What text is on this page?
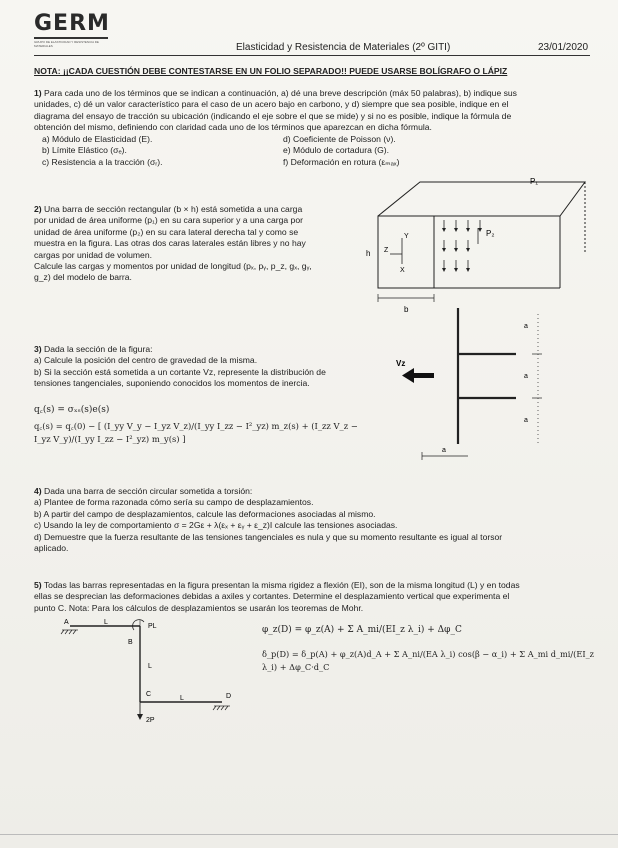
GERM
GRUPO DE ELASTICIDAD Y RESISTENCIA DE MATERIALES	Elasticidad y Resistencia de Materiales (2º GITI)	23/01/2020
NOTA: ¡¡CADA CUESTIÓN DEBE CONTESTARSE EN UN FOLIO SEPARADO!! PUEDE USARSE BOLÍGRAFO O LÁPIZ
1) Para cada uno de los términos que se indican a continuación, a) dé una breve descripción (máx 50 palabras), b) indique sus
unidades, c) dé un valor característico para el caso de un acero bajo en carbono, y d) siempre que sea posible, indique en el
diagrama del ensayo de tracción su ubicación (indicando el eje sobre el que se mide) y si no es posible, indique la fórmula de
obtención del mismo, definiendo con claridad cada uno de los términos que aparezcan en dicha fórmula.
a) Módulo de Elasticidad (E).
b) Límite Elástico (σₑ).
c) Resistencia a la tracción (σᵣ).
d) Coeficiente de Poisson (ν).
e) Módulo de cortadura (G).
f) Deformación en rotura (εₘₐₓ)
2) Una barra de sección rectangular (b × h) está sometida a una carga
por unidad de área uniforme (p₁) en su cara superior y a una carga por
unidad de área uniforme (p₂) en su cara lateral derecha tal y como se
muestra en la figura. Las otras dos caras laterales están libres y no hay
cargas por unidad de volumen.
Calcule las cargas y momentos por unidad de longitud (pₓ, pᵧ, p_z, gₓ, gᵧ,
g_z) del modelo de barra.
P₁
P₂
h
b
Y
Z
X
3) Dada la sección de la figura:
a) Calcule la posición del centro de gravedad de la misma.
b) Si la sección está sometida a un cortante Vz, represente la distribución de
tensiones tangenciales, suponiendo conocidos los momentos de inercia.
q꜀(s) = σₓₛ(s)e(s)
q꜀(s) = q꜀(0) − [ (I_yy V_y − I_yz V_z)/(I_yy I_zz − I²_yz) m_z(s) + (I_zz V_z − I_yz V_y)/(I_yy I_zz − I²_yz) m_y(s) ]
Vz
a
a
a
a
4) Dada una barra de sección circular sometida a torsión:
a) Plantee de forma razonada cómo sería su campo de desplazamientos.
b) A partir del campo de desplazamientos, calcule las deformaciones asociadas al mismo.
c) Usando la ley de comportamiento σ = 2Gε + λ(εₓ + εᵧ + ε_z)I calcule las tensiones asociadas.
d) Demuestre que la fuerza resultante de las tensiones tangenciales es nula y que su momento resultante es igual al torsor
aplicado.
5) Todas las barras representadas en la figura presentan la misma rigidez a flexión (EI), son de la misma longitud (L) y en todas
ellas se desprecian las deformaciones debidas a axiles y cortantes. Determine el desplazamiento vertical que experimenta el
punto C. Nota: Para los cálculos de desplazamientos se usarán los teoremas de Mohr.
A	L
PL
B
L
C
L	D
2P
φ_z(D) = φ_z(A) + Σ A_mi/(EI_z λ_i) + Δφ_C
δ_p(D) = δ_p(A) + φ_z(A)d_A + Σ A_ni/(EA λ_i) cos(β − α_i) + Σ A_mi d_mi/(EI_z λ_i) + Δφ_C·d_C
